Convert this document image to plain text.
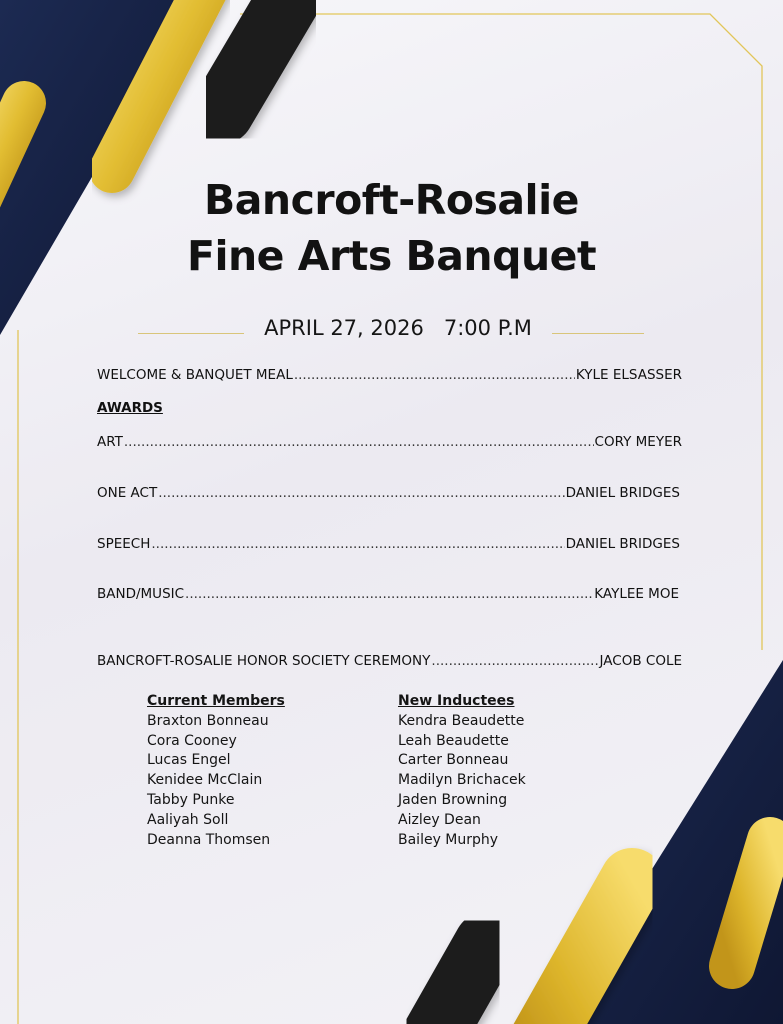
Bancroft-Rosalie
Fine Arts Banquet
APRIL 27, 2026   7:00 P.M
WELCOME & BANQUET MEAL .....	KYLE ELSASSER
AWARDS
ART .....	CORY MEYER
ONE ACT .....	DANIEL BRIDGES
SPEECH .....	DANIEL BRIDGES
BAND/MUSIC .....	KAYLEE MOE
BANCROFT-ROSALIE HONOR SOCIETY CEREMONY .....	JACOB COLE
Current Members
Braxton Bonneau
Cora Cooney
Lucas Engel
Kenidee McClain
Tabby Punke
Aaliyah Soll
Deanna Thomsen
New Inductees
Kendra Beaudette
Leah Beaudette
Carter Bonneau
Madilyn Brichacek
Jaden Browning
Aizley Dean
Bailey Murphy
